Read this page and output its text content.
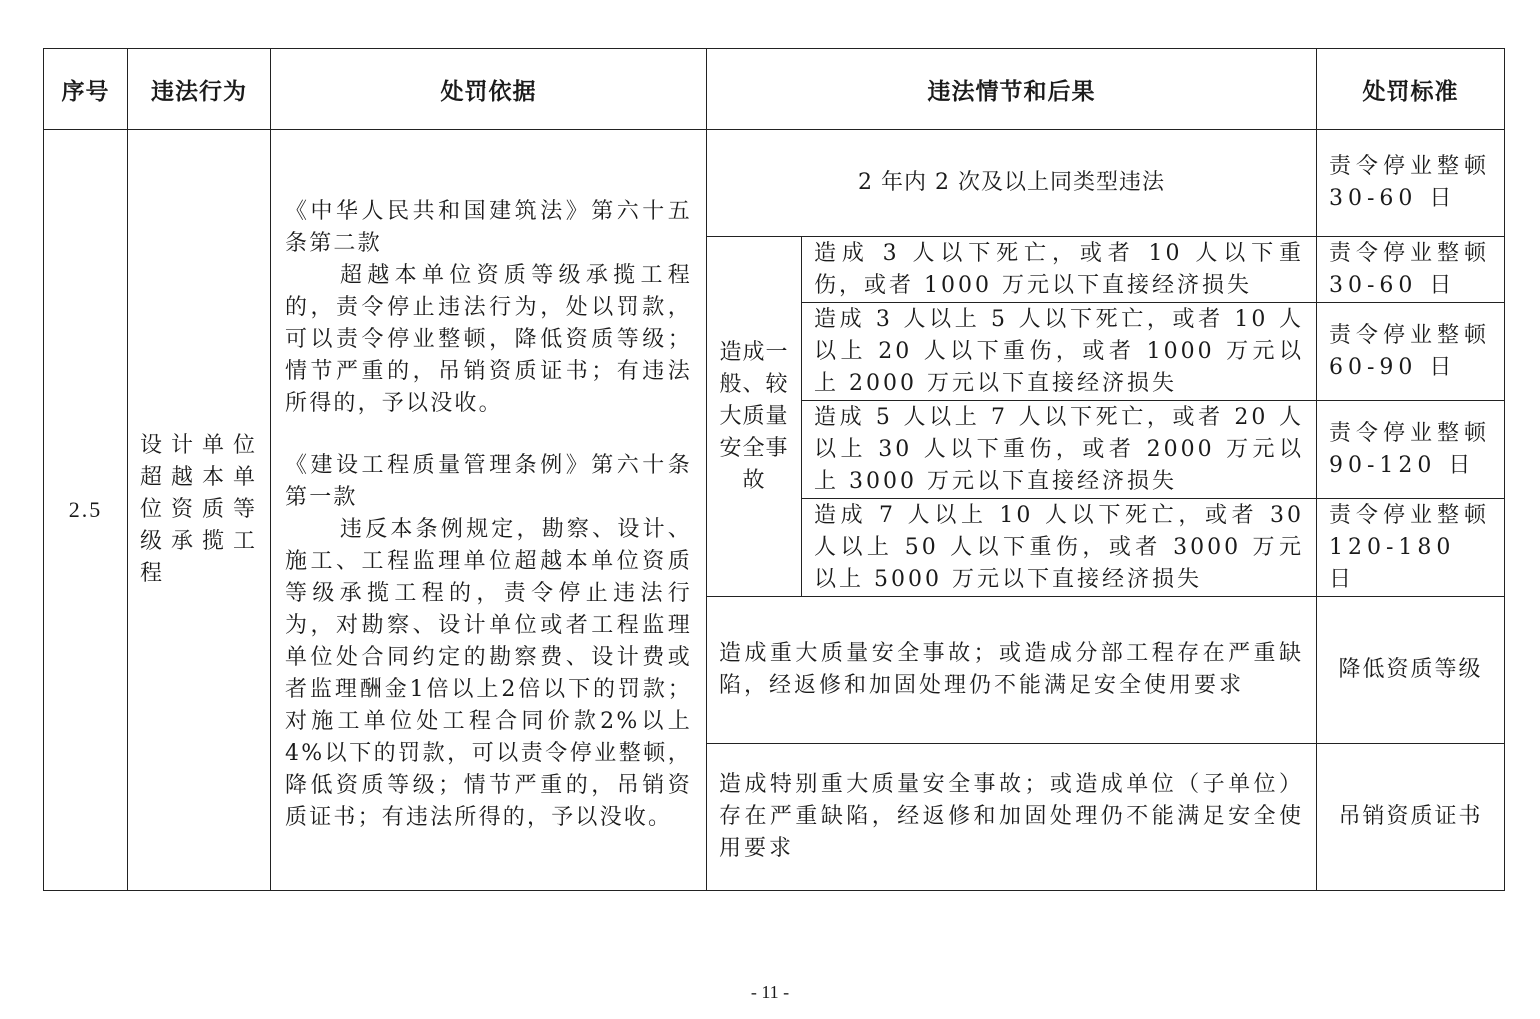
序号	违法行为	处罚依据	违法情节和后果		处罚标准
2.5	设计单位超越本单位资质等级承揽工程	《中华人民共和国建筑法》第六十五条第二款

超越本单位资质等级承揽工程的，责令停止违法行为，处以罚款，可以责令停业整顿，降低资质等级；情节严重的，吊销资质证书；有违法所得的，予以没收。

《建设工程质量管理条例》第六十条第一款

违反本条例规定，勘察、设计、施工、工程监理单位超越本单位资质等级承揽工程的，责令停止违法行为，对勘察、设计单位或者工程监理单位处合同约定的勘察费、设计费或者监理酬金1倍以上2倍以下的罚款；对施工单位处工程合同价款2%以上4%以下的罚款，可以责令停业整顿，降低资质等级；情节严重的，吊销资质证书；有违法所得的，予以没收。	2 年内 2 次及以上同类型违法		责令停业整顿30-60 日
			造成一般、较大质量安全事故	造成 3 人以下死亡，或者 10 人以下重伤，或者 1000 万元以下直接经济损失	责令停业整顿30-60 日
				造成 3 人以上 5 人以下死亡，或者 10 人以上 20 人以下重伤，或者 1000 万元以上 2000 万元以下直接经济损失	责令停业整顿60-90 日
				造成 5 人以上 7 人以下死亡，或者 20 人以上 30 人以下重伤，或者 2000 万元以上 3000 万元以下直接经济损失	责令停业整顿90-120 日
				造成 7 人以上 10 人以下死亡，或者 30 人以上 50 人以下重伤，或者 3000 万元以上 5000 万元以下直接经济损失	责令停业整顿120-180 日
			造成重大质量安全事故；或造成分部工程存在严重缺陷，经返修和加固处理仍不能满足安全使用要求		降低资质等级
			造成特别重大质量安全事故；或造成单位（子单位）存在严重缺陷，经返修和加固处理仍不能满足安全使用要求		吊销资质证书
- 11 -
